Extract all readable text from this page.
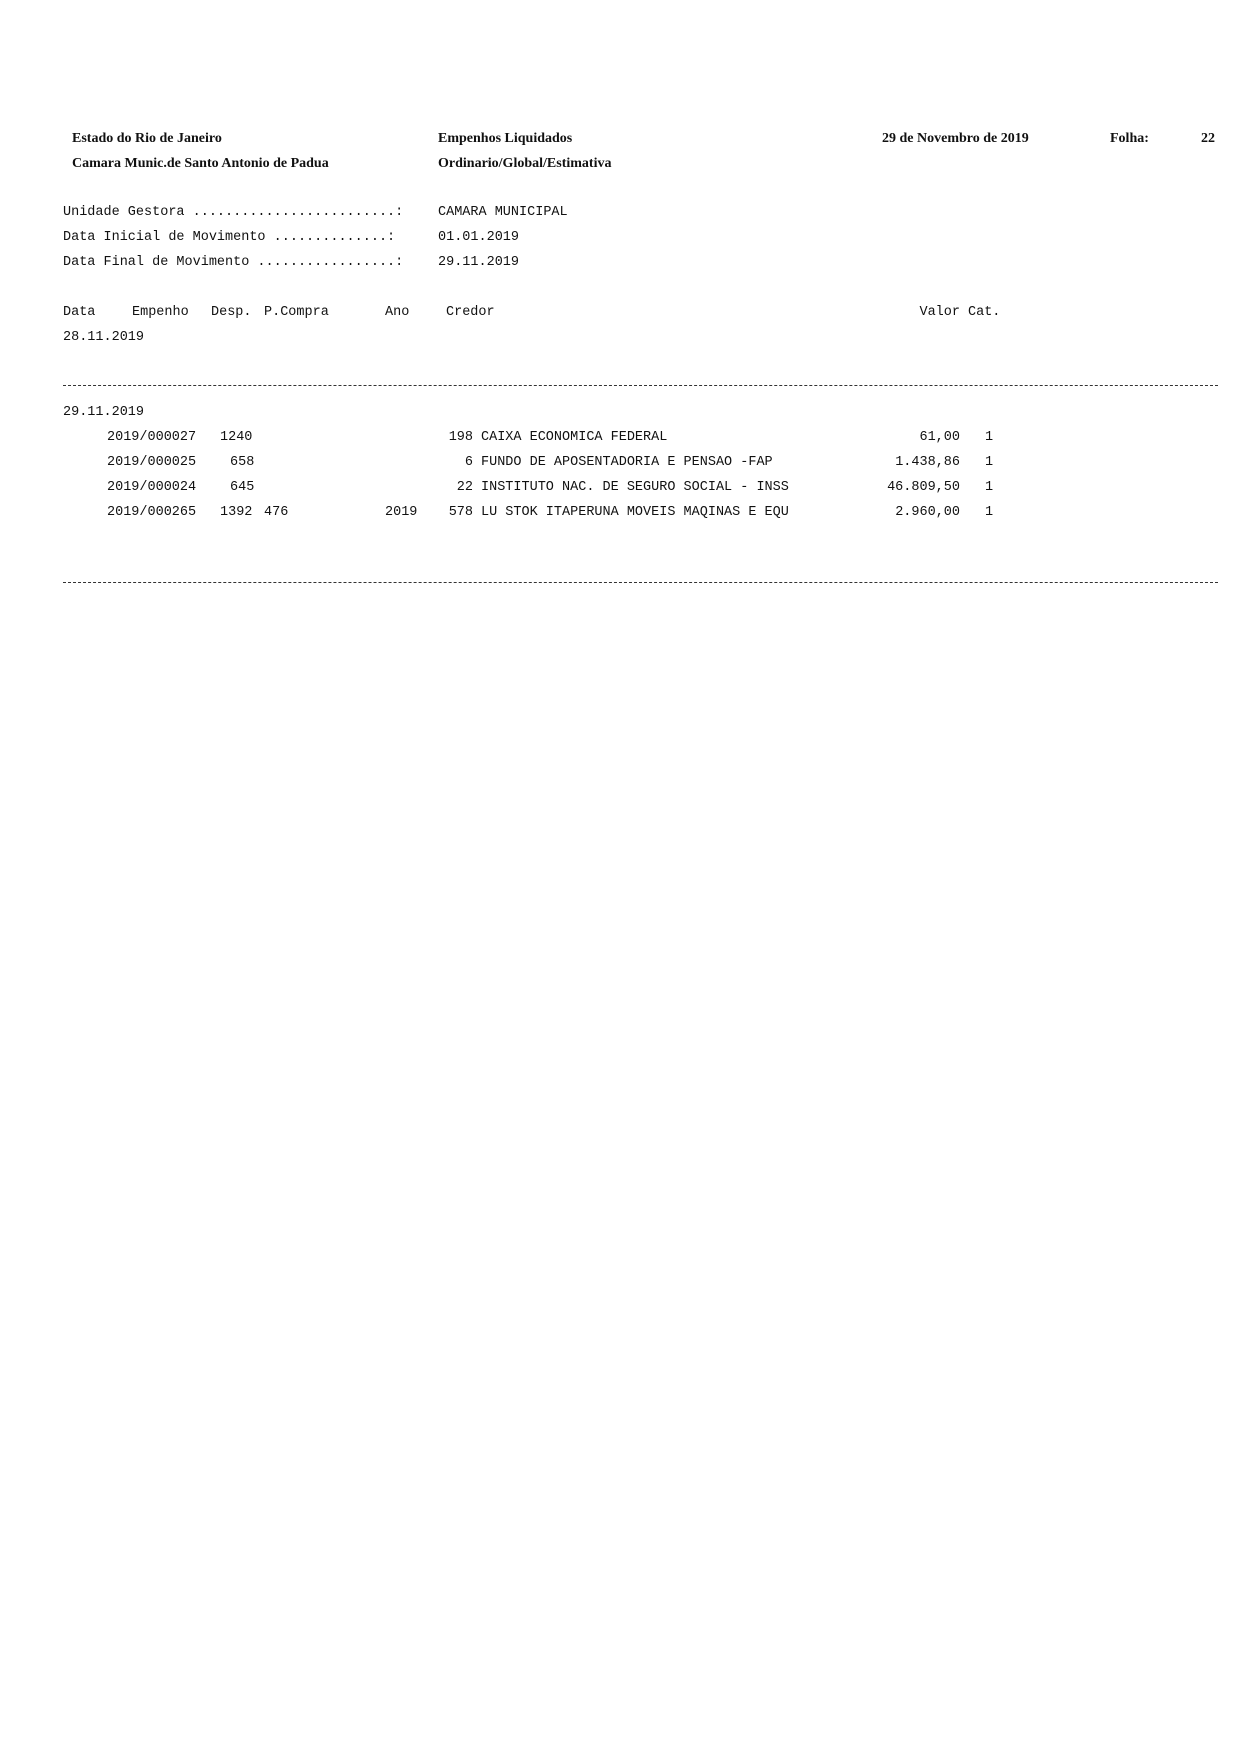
Estado do Rio de Janeiro
Camara Munic.de Santo Antonio de Padua
Empenhos Liquidados
Ordinario/Global/Estimativa
29 de Novembro de 2019	Folha:	22
Unidade Gestora .........................:	CAMARA MUNICIPAL
Data Inicial de Movimento ..............:	01.01.2019
Data Final de Movimento .................:	29.11.2019
Data	Empenho Desp. P.Compra	Ano	Credor	Valor Cat.
28.11.2019
29.11.2019
2019/000027 1240	198 CAIXA ECONOMICA FEDERAL	61,00 1
2019/000025	658	6 FUNDO DE APOSENTADORIA E PENSAO -FAP	1.438,86 1
2019/000024	645	22 INSTITUTO NAC. DE SEGURO SOCIAL - INSS	46.809,50 1
2019/000265 1392 476	2019	578 LU STOK ITAPERUNA MOVEIS MAQINAS E EQU	2.960,00 1
